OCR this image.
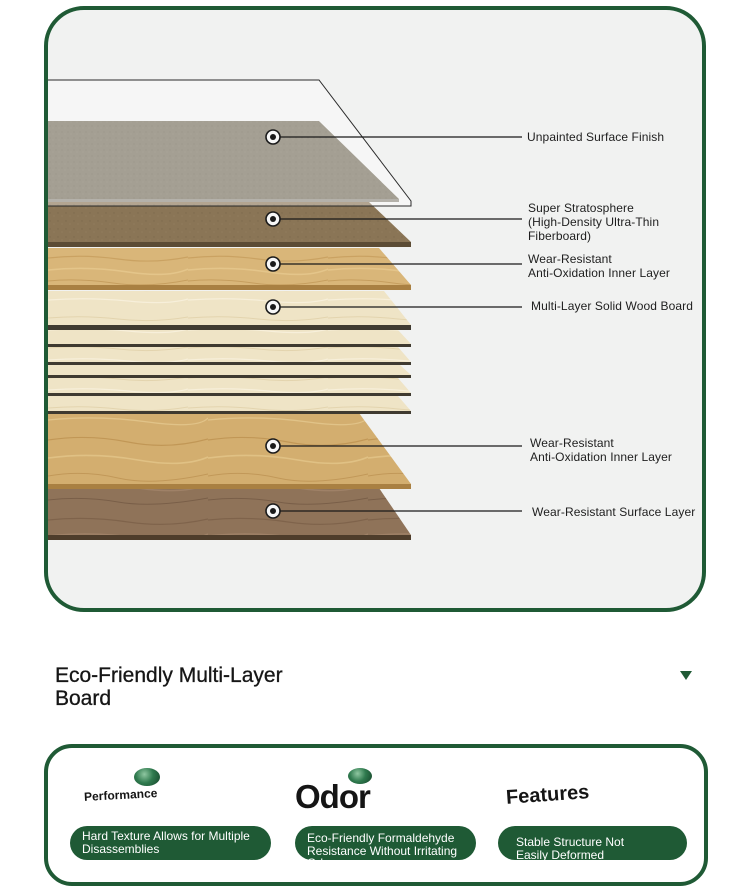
Unpainted Surface Finish
Super Stratosphere
(High-Density Ultra-Thin
Fiberboard)
Wear-Resistant
Anti-Oxidation Inner Layer
Multi-Layer Solid Wood Board
Wear-Resistant
Anti-Oxidation Inner Layer
Wear-Resistant Surface Layer
Eco-Friendly Multi-Layer
Board
Performance	Odor	Features
Hard Texture Allows for Multiple
Disassemblies
Eco-Friendly Formaldehyde
Resistance Without Irritating Odor
Stable Structure Not
Easily Deformed
